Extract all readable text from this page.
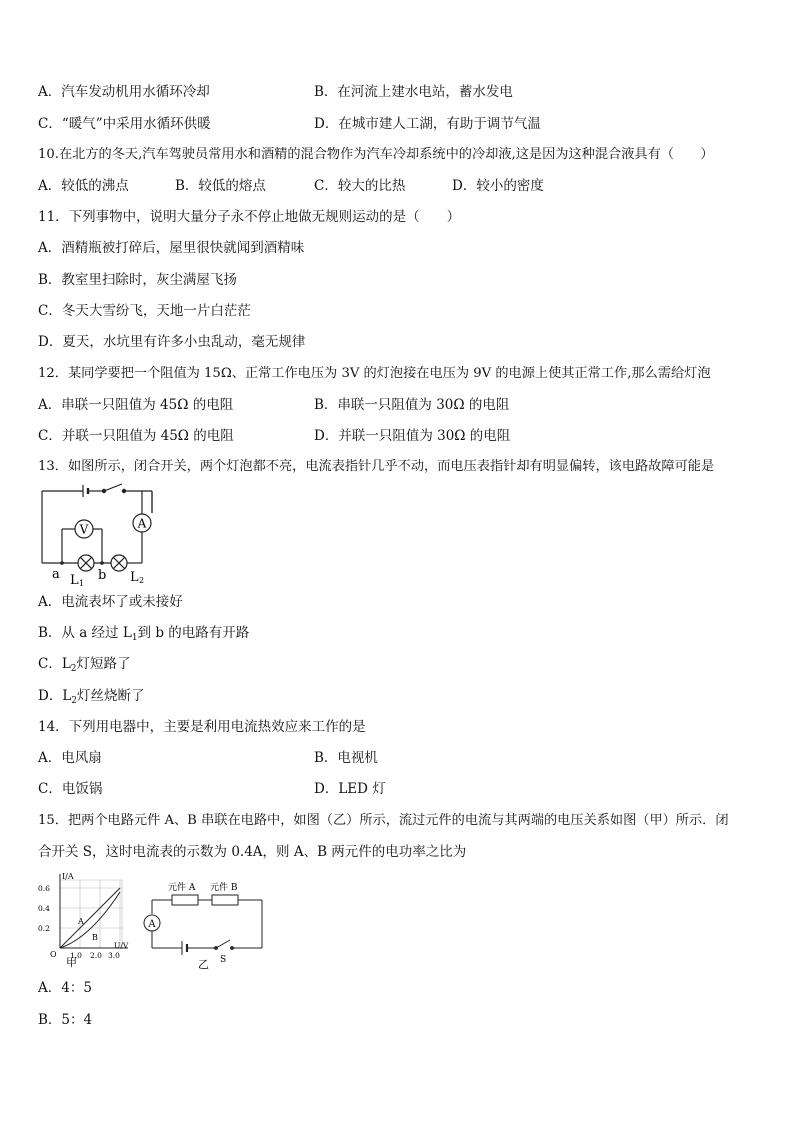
A．汽车发动机用水循环冷却	B．在河流上建水电站，蓄水发电
C．“暖气”中采用水循环供暖	D．在城市建人工湖，有助于调节气温
10.在北方的冬天,汽车驾驶员常用水和酒精的混合物作为汽车冷却系统中的冷却液,这是因为这种混合液具有（　　）
A．较低的沸点	B．较低的熔点	C．较大的比热	D．较小的密度
11．下列事物中，说明大量分子永不停止地做无规则运动的是（　　）
A．酒精瓶被打碎后，屋里很快就闻到酒精味
B．教室里扫除时，灰尘满屋飞扬
C．冬天大雪纷飞，天地一片白茫茫
D．夏天，水坑里有许多小虫乱动，毫无规律
12．某同学要把一个阻值为 15Ω、正常工作电压为 3V 的灯泡接在电压为 9V 的电源上使其正常工作,那么需给灯泡
A．串联一只阻值为 45Ω 的电阻	B．串联一只阻值为 30Ω 的电阻
C．并联一只阻值为 45Ω 的电阻	D．并联一只阻值为 30Ω 的电阻
13．如图所示，闭合开关，两个灯泡都不亮，电流表指针几乎不动，而电压表指针却有明显偏转，该电路故障可能是
V	A
a	b
L 1	L 2
A．电流表坏了或未接好
B．从 a 经过 $L_1$到 b 的电路有开路
C．$L_2$灯短路了
D．$L_2$灯丝烧断了
14．下列用电器中，主要是利用电流热效应来工作的是
A．电风扇	B．电视机
C．电饭锅	D．LED 灯
15．把两个电路元件 A、B 串联在电路中，如图（乙）所示，流过元件的电流与其两端的电压关系如图（甲）所示．闭
合开关 S，这时电流表的示数为 0.4A，则 A、B 两元件的电功率之比为
I/A
0.6
0.4
0.2
O 1.0 2.0 3.0
U/V
A
B
甲
元件 A 元件 B
A
S
乙
A．4：5
B．5：4
